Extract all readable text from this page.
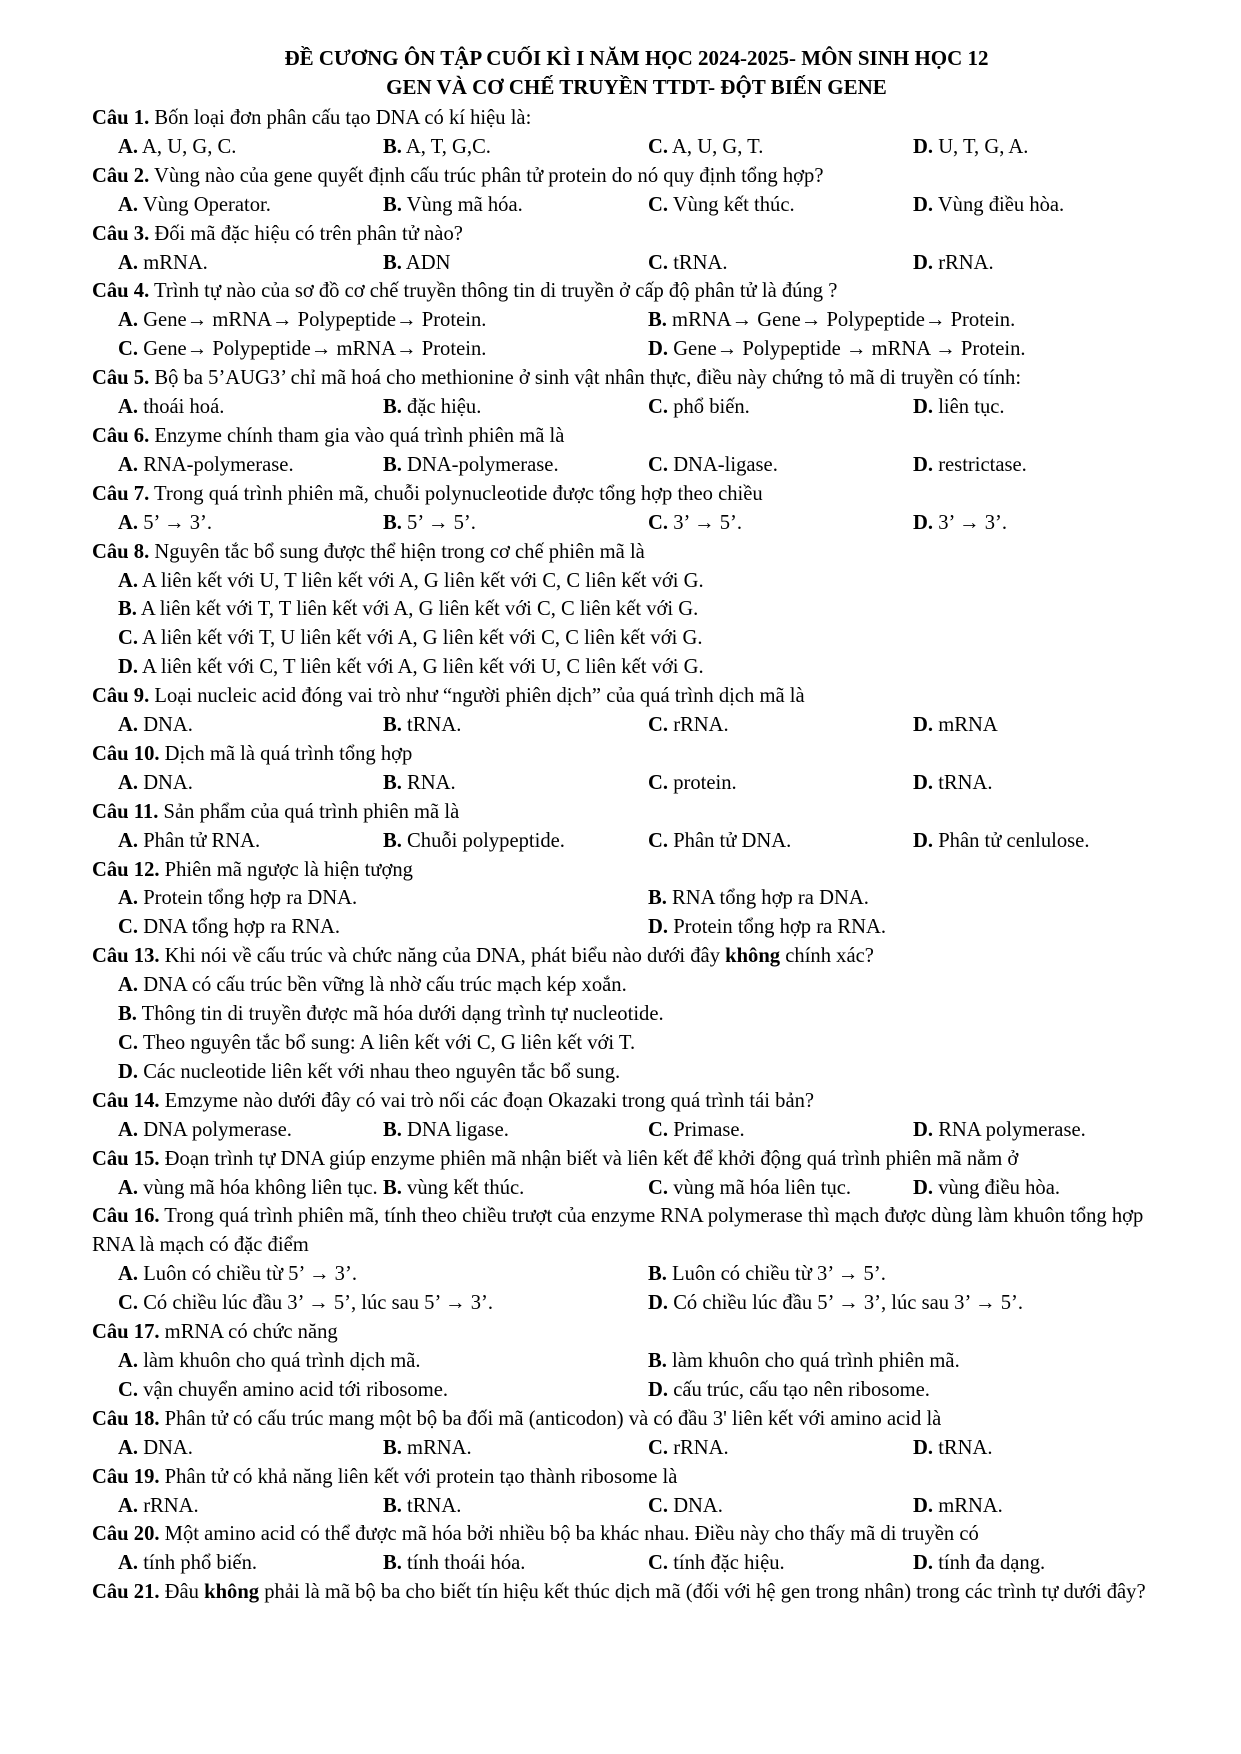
ĐỀ CƯƠNG ÔN TẬP CUỐI KÌ I NĂM HỌC 2024-2025- MÔN SINH HỌC 12
GEN VÀ CƠ CHẾ TRUYỀN TTDT- ĐỘT BIẾN GENE
Câu 1. Bốn loại đơn phân cấu tạo DNA có kí hiệu là:
A. A, U, G, C.	B. A, T, G,C.	C. A, U, G, T.	D. U, T, G, A.
Câu 2. Vùng nào của gene quyết định cấu trúc phân tử protein do nó quy định tổng hợp?
A. Vùng Operator.	B. Vùng mã hóa.	C. Vùng kết thúc.	D. Vùng điều hòa.
Câu 3. Đối mã đặc hiệu có trên phân tử nào?
A. mRNA.	B. ADN	C. tRNA.	D. rRNA.
Câu 4. Trình tự nào của sơ đồ cơ chế truyền thông tin di truyền ở cấp độ phân tử là đúng ?
A. Gene→ mRNA→ Polypeptide→ Protein.	B. mRNA→ Gene→ Polypeptide→ Protein.
C. Gene→ Polypeptide→ mRNA→ Protein.	D. Gene→ Polypeptide → mRNA → Protein.
Câu 5. Bộ ba 5’AUG3’ chỉ mã hoá cho methionine ở sinh vật nhân thực, điều này chứng tỏ mã di truyền có tính:
A. thoái hoá.	B. đặc hiệu.	C. phổ biến.	D. liên tục.
Câu 6. Enzyme chính tham gia vào quá trình phiên mã là
A. RNA-polymerase.	B. DNA-polymerase.	C. DNA-ligase.	D. restrictase.
Câu 7. Trong quá trình phiên mã, chuỗi polynucleotide được tổng hợp theo chiều
A. 5’ → 3’.	B. 5’ → 5’.	C. 3’ → 5’.	D. 3’ → 3’.
Câu 8. Nguyên tắc bổ sung được thể hiện trong cơ chế phiên mã là
A. A liên kết với U, T liên kết với A, G liên kết với C, C liên kết với G.
B. A liên kết với T, T liên kết với A, G liên kết với C, C liên kết với G.
C. A liên kết với T, U liên kết với A, G liên kết với C, C liên kết với G.
D. A liên kết với C, T liên kết với A, G liên kết với U, C liên kết với G.
Câu 9. Loại nucleic acid đóng vai trò như “người phiên dịch” của quá trình dịch mã là
A. DNA.	B. tRNA.	C. rRNA.	D. mRNA
Câu 10. Dịch mã là quá trình tổng hợp
A. DNA.	B. RNA.	C. protein.	D. tRNA.
Câu 11. Sản phẩm của quá trình phiên mã là
A. Phân tử RNA.	B. Chuỗi polypeptide.	C. Phân tử DNA.	D. Phân tử cenlulose.
Câu 12. Phiên mã ngược là hiện tượng
A. Protein tổng hợp ra DNA.	B. RNA tổng hợp ra DNA.
C. DNA tổng hợp ra RNA.	D. Protein tổng hợp ra RNA.
Câu 13. Khi nói về cấu trúc và chức năng của DNA, phát biểu nào dưới đây không chính xác?
A. DNA có cấu trúc bền vững là nhờ cấu trúc mạch kép xoắn.
B. Thông tin di truyền được mã hóa dưới dạng trình tự nucleotide.
C. Theo nguyên tắc bổ sung: A liên kết với C, G liên kết với T.
D. Các nucleotide liên kết với nhau theo nguyên tắc bổ sung.
Câu 14. Emzyme nào dưới đây có vai trò nối các đoạn Okazaki trong quá trình tái bản?
A. DNA polymerase.	B. DNA ligase.	C. Primase.	D. RNA polymerase.
Câu 15. Đoạn trình tự DNA giúp enzyme phiên mã nhận biết và liên kết để khởi động quá trình phiên mã nằm ở
A. vùng mã hóa không liên tục. B. vùng kết thúc.	C. vùng mã hóa liên tục.	D. vùng điều hòa.
Câu 16. Trong quá trình phiên mã, tính theo chiều trượt của enzyme RNA polymerase thì mạch được dùng làm khuôn tổng hợp RNA là mạch có đặc điểm
A. Luôn có chiều từ 5’ → 3’.	B. Luôn có chiều từ 3’ → 5’.
C. Có chiều lúc đầu 3’ → 5’, lúc sau 5’ → 3’.	D. Có chiều lúc đầu 5’ → 3’, lúc sau 3’ → 5’.
Câu 17. mRNA có chức năng
A. làm khuôn cho quá trình dịch mã.	B. làm khuôn cho quá trình phiên mã.
C. vận chuyển amino acid tới ribosome.	D. cấu trúc, cấu tạo nên ribosome.
Câu 18. Phân tử có cấu trúc mang một bộ ba đối mã (anticodon) và có đầu 3' liên kết với amino acid là
A. DNA.	B. mRNA.	C. rRNA.	D. tRNA.
Câu 19. Phân tử có khả năng liên kết với protein tạo thành ribosome là
A. rRNA.	B. tRNA.	C. DNA.	D. mRNA.
Câu 20. Một amino acid có thể được mã hóa bởi nhiều bộ ba khác nhau. Điều này cho thấy mã di truyền có
A. tính phổ biến.	B. tính thoái hóa.	C. tính đặc hiệu.	D. tính đa dạng.
Câu 21. Đâu không phải là mã bộ ba cho biết tín hiệu kết thúc dịch mã (đối với hệ gen trong nhân) trong các trình tự dưới đây?
